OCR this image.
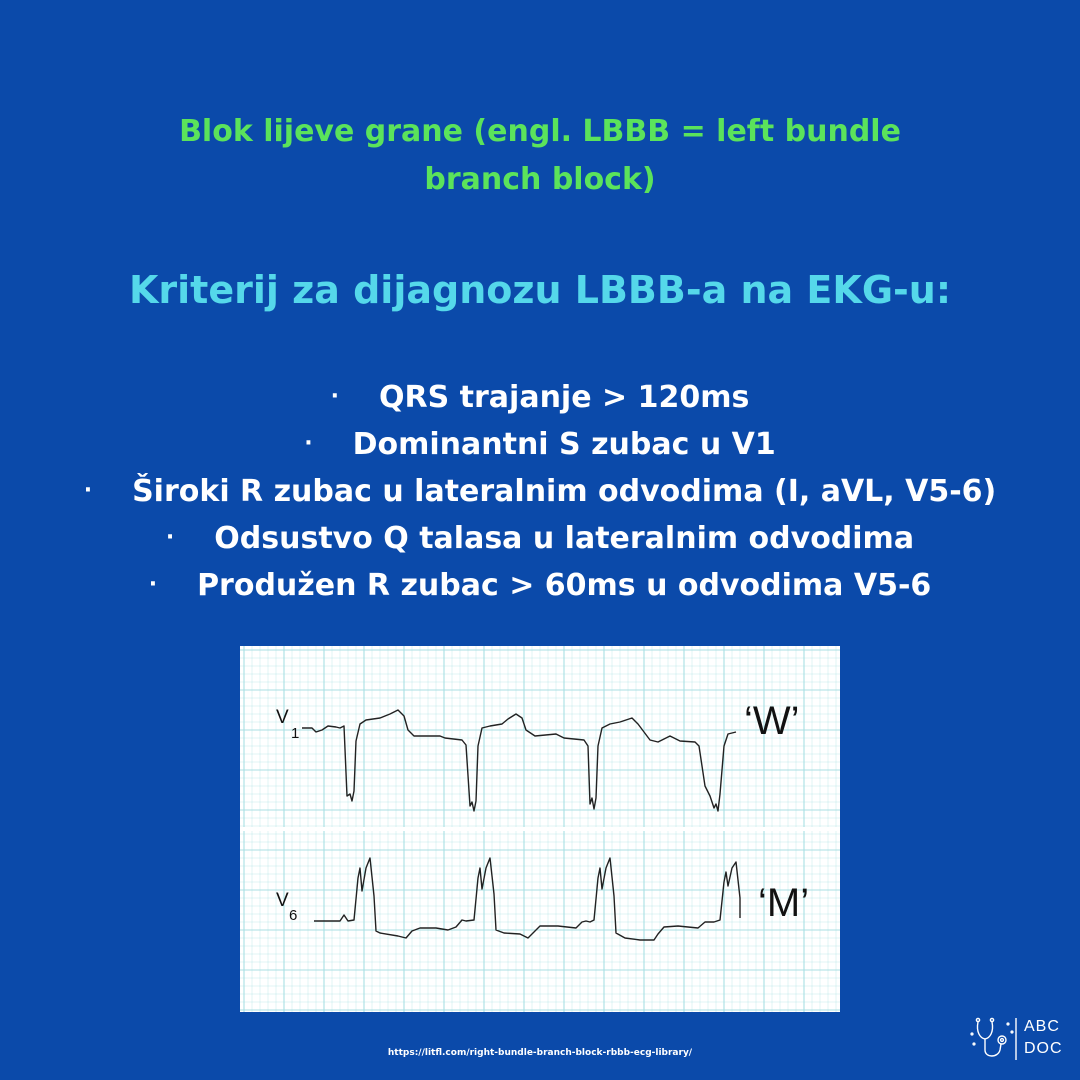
Blok lijeve grane (engl. LBBB = left bundle branch block)
Kriterij za dijagnozu LBBB-a na EKG-u:
· QRS trajanje > 120ms
· Dominantni S zubac u V1
· Široki R zubac u lateralnim odvodima (I, aVL, V5-6)
· Odsustvo Q talasa u lateralnim odvodima
· Produžen R zubac > 60ms u odvodima V5-6
V
1	‘W’
V
6	‘M’
https://litfl.com/right-bundle-branch-block-rbbb-ecg-library/
ABC
DOC
